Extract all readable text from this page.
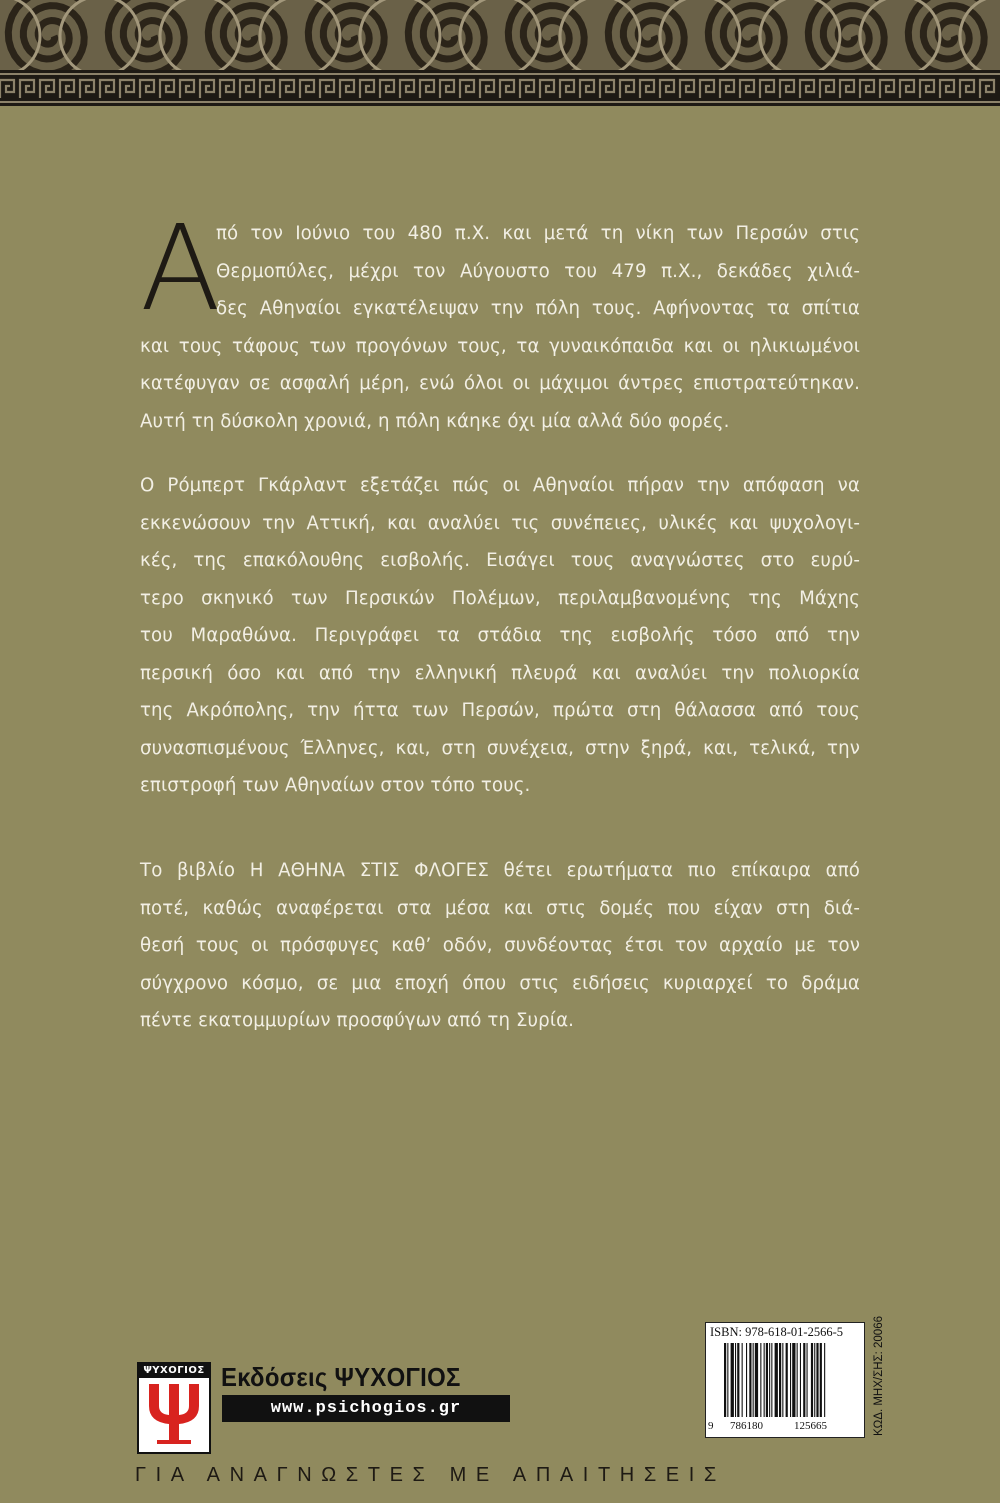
Α
πό τον Ιούνιο του 480 π.Χ. και μετά τη νίκη των Περσών στις
Θερμοπύλες, μέχρι τον Αύγουστο του 479 π.Χ., δεκάδες χιλιά-
δες Αθηναίοι εγκατέλειψαν την πόλη τους. Αφήνοντας τα σπίτια
και τους τάφους των προγόνων τους, τα γυναικόπαιδα και οι ηλικιωμένοι
κατέφυγαν σε ασφαλή μέρη, ενώ όλοι οι μάχιμοι άντρες επιστρατεύτηκαν.
Αυτή τη δύσκολη χρονιά, η πόλη κάηκε όχι μία αλλά δύο φορές.
Ο Ρόμπερτ Γκάρλαντ εξετάζει πώς οι Αθηναίοι πήραν την απόφαση να
εκκενώσουν την Αττική, και αναλύει τις συνέπειες, υλικές και ψυχολογι-
κές, της επακόλουθης εισβολής. Εισάγει τους αναγνώστες στο ευρύ-
τερο σκηνικό των Περσικών Πολέμων, περιλαμβανομένης της Μάχης
του Μαραθώνα. Περιγράφει τα στάδια της εισβολής τόσο από την
περσική όσο και από την ελληνική πλευρά και αναλύει την πολιορκία
της Ακρόπολης, την ήττα των Περσών, πρώτα στη θάλασσα από τους
συνασπισμένους Έλληνες, και, στη συνέχεια, στην ξηρά, και, τελικά, την
επιστροφή των Αθηναίων στον τόπο τους.
Το βιβλίο Η ΑΘΗΝΑ ΣΤΙΣ ΦΛΟΓΕΣ θέτει ερωτήματα πιο επίκαιρα από
ποτέ, καθώς αναφέρεται στα μέσα και στις δομές που είχαν στη διά-
θεσή τους οι πρόσφυγες καθ’ οδόν, συνδέοντας έτσι τον αρχαίο με τον
σύγχρονο κόσμο, σε μια εποχή όπου στις ειδήσεις κυριαρχεί το δράμα
πέντε εκατομμυρίων προσφύγων από τη Συρία.
ISBN: 978-618-01-2566-5
9 786180	125665	ΚΩΔ. ΜΗΧ/ΣΗΣ: 20066
ΨΥΧΟΓΙΟΣ Εκδόσεις ΨΥΧΟΓΙΟΣ
www.psichogios.gr
ΓΙΑ ΑΝΑΓΝΩΣΤΕΣ ΜΕ ΑΠΑΙΤΗΣΕΙΣ
